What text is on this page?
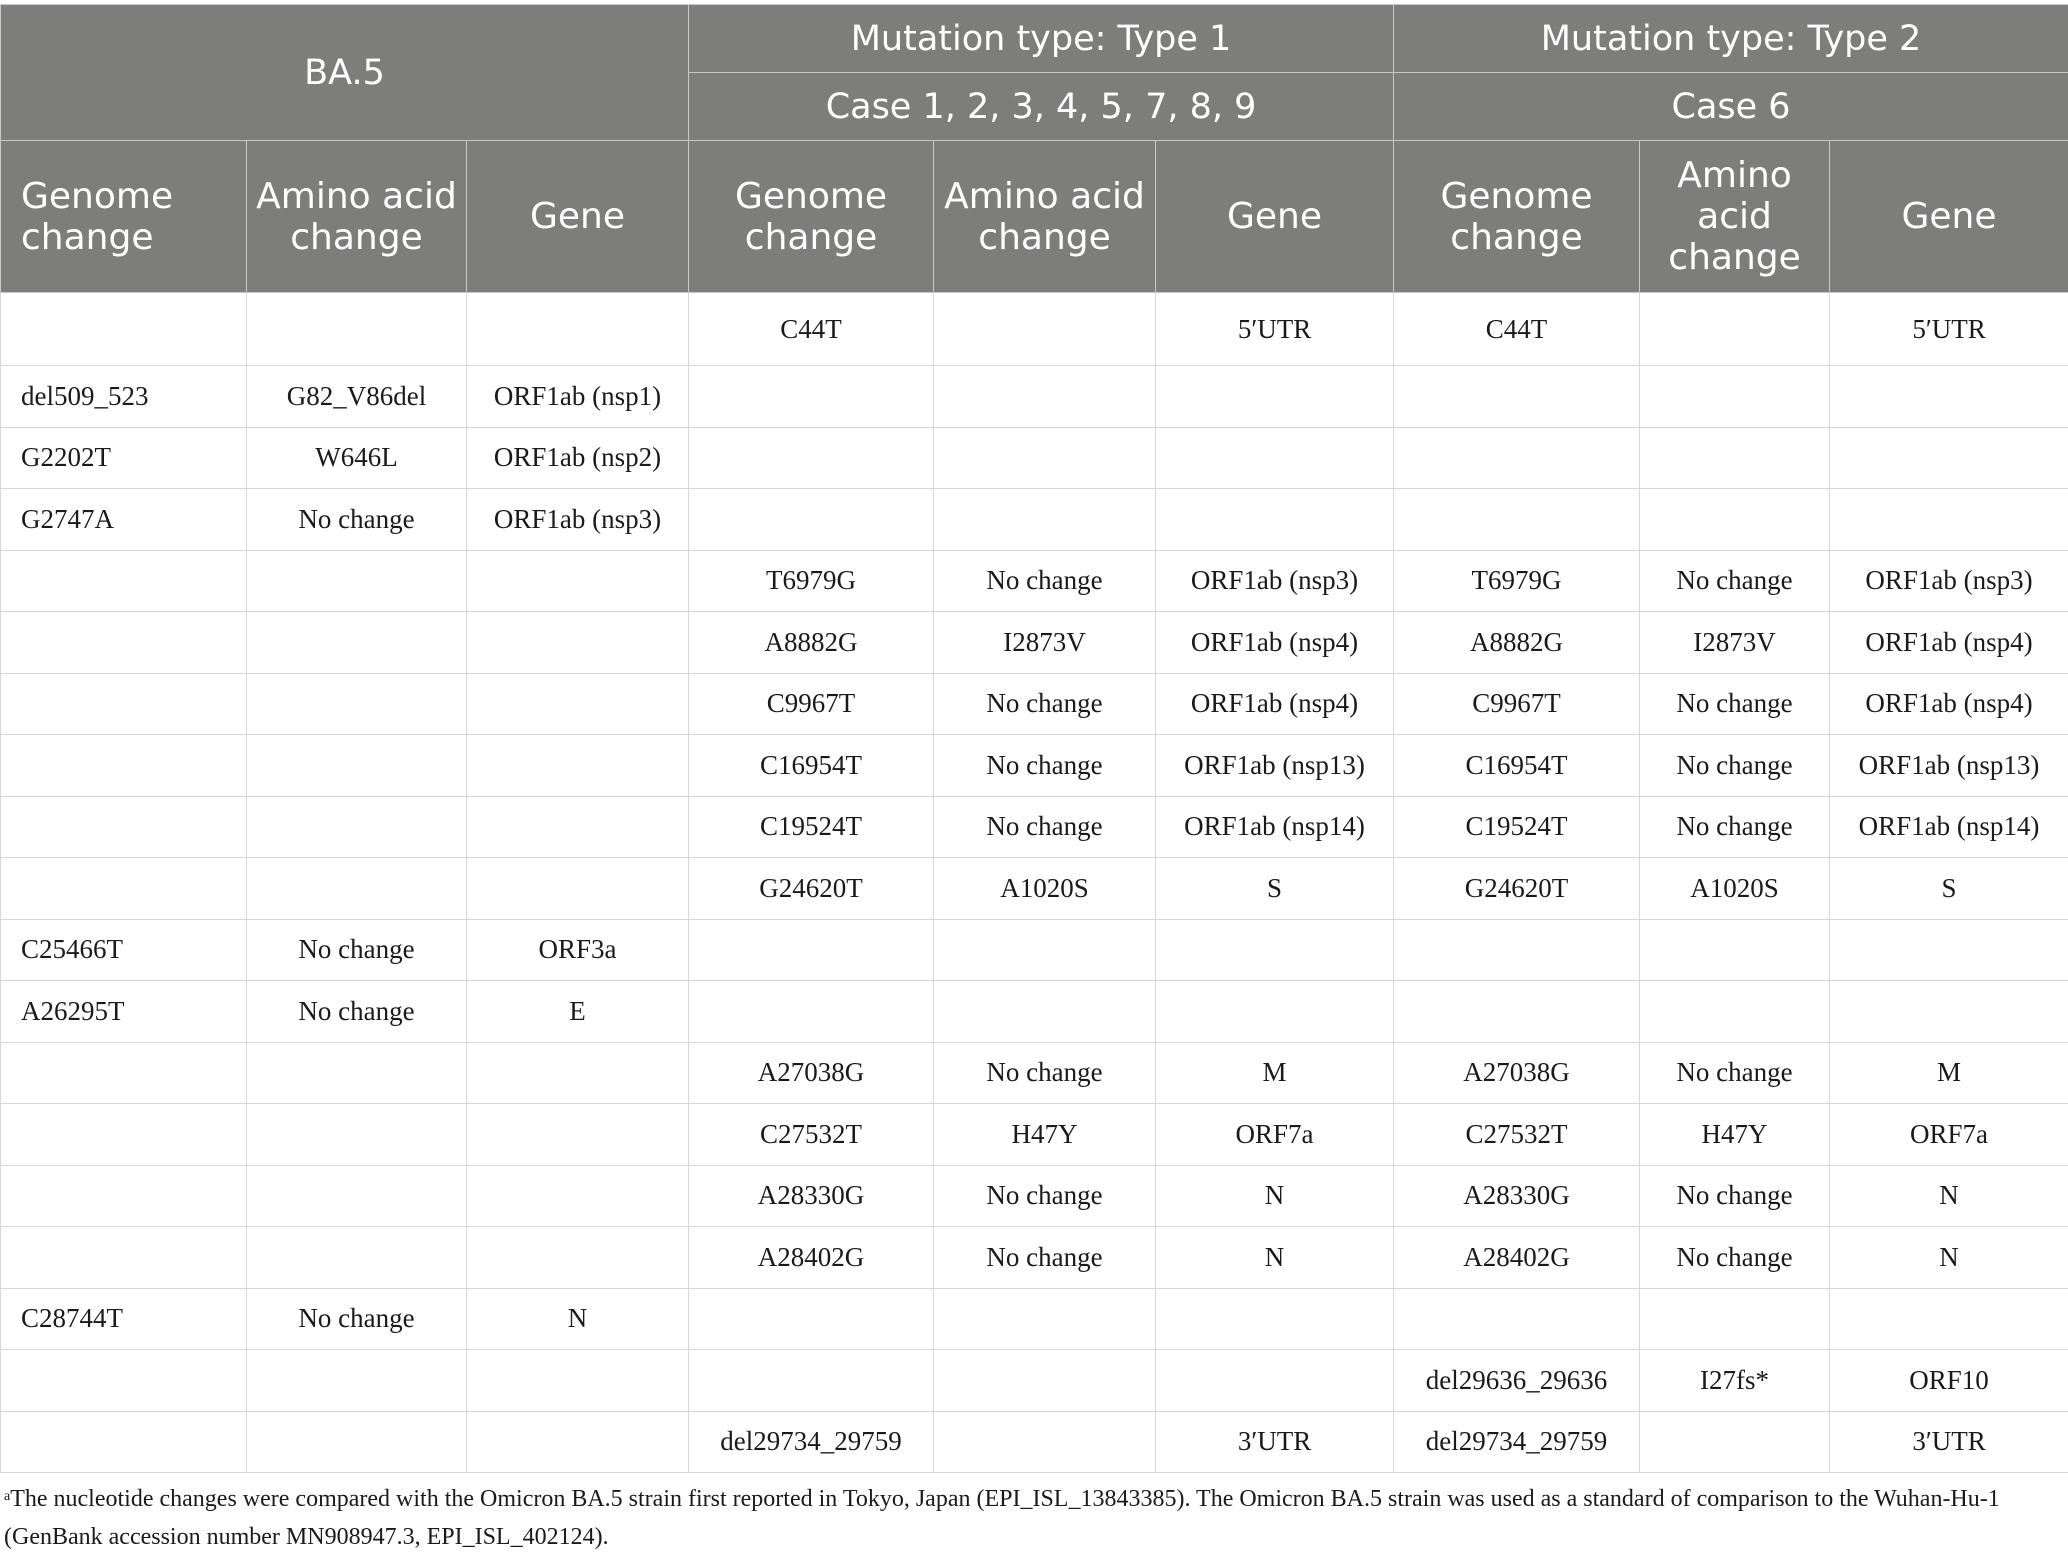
BA.5			Mutation type: Type 1			Mutation type: Type 2		
			Case 1, 2, 3, 4, 5, 7, 8, 9			Case 6		
Genome change	Amino acid change	Gene	Genome change	Amino acid change	Gene	Genome change	Amino acid change	Gene
			C44T		5′UTR	C44T		5′UTR
del509_523	G82_V86del	ORF1ab (nsp1)						
G2202T	W646L	ORF1ab (nsp2)						
G2747A	No change	ORF1ab (nsp3)						
			T6979G	No change	ORF1ab (nsp3)	T6979G	No change	ORF1ab (nsp3)
			A8882G	I2873V	ORF1ab (nsp4)	A8882G	I2873V	ORF1ab (nsp4)
			C9967T	No change	ORF1ab (nsp4)	C9967T	No change	ORF1ab (nsp4)
			C16954T	No change	ORF1ab (nsp13)	C16954T	No change	ORF1ab (nsp13)
			C19524T	No change	ORF1ab (nsp14)	C19524T	No change	ORF1ab (nsp14)
			G24620T	A1020S	S	G24620T	A1020S	S
C25466T	No change	ORF3a						
A26295T	No change	E						
			A27038G	No change	M	A27038G	No change	M
			C27532T	H47Y	ORF7a	C27532T	H47Y	ORF7a
			A28330G	No change	N	A28330G	No change	N
			A28402G	No change	N	A28402G	No change	N
C28744T	No change	N						
						del29636_29636	I27fs*	ORF10
			del29734_29759		3′UTR	del29734_29759		3′UTR

$^a$The nucleotide changes were compared with the Omicron BA.5 strain first reported in Tokyo, Japan (EPI_ISL_13843385). The Omicron BA.5 strain was used as a standard of comparison to the Wuhan-Hu-1 (GenBank accession number MN908947.3, EPI_ISL_402124).
